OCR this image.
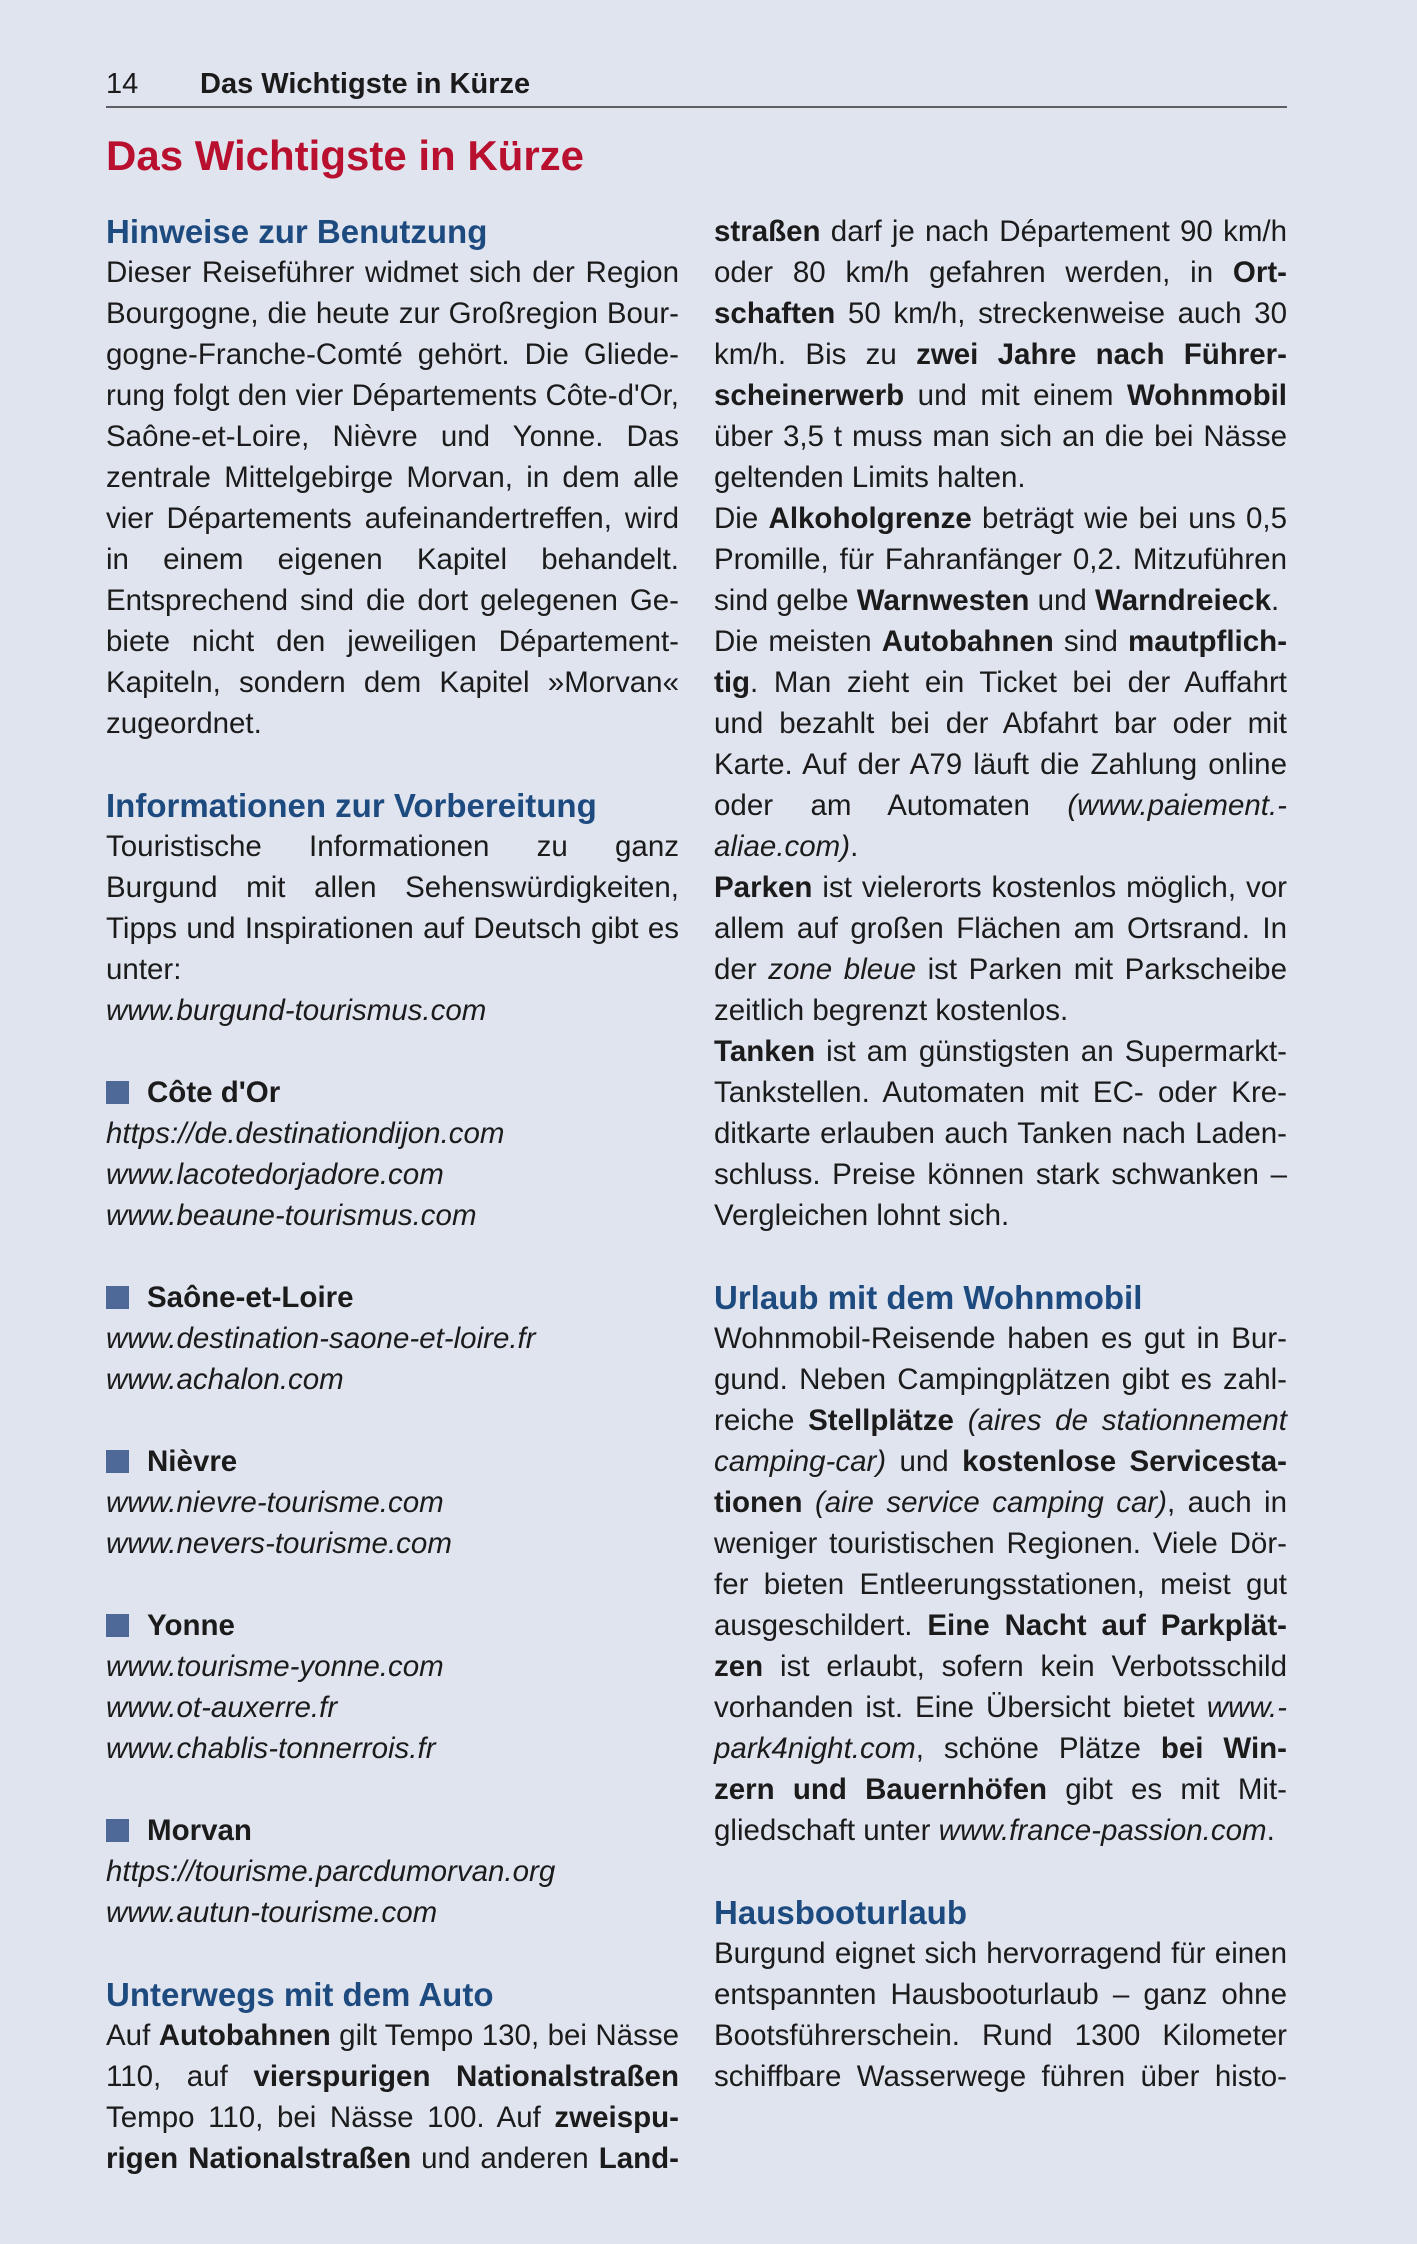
14 Das Wichtigste in Kürze
Das Wichtigste in Kürze
Hinweise zur Benutzung

Dieser Reiseführer widmet sich der Region Bourgogne, die heute zur Großregion Bourgogne-Franche-Comté gehört. Die Gliederung folgt den vier Départements Côte-d'Or, Saône-et-Loire, Nièvre und Yonne. Das zentrale Mittelgebirge Morvan, in dem alle vier Départements aufeinandertreffen, wird in einem eigenen Kapitel behandelt. Entsprechend sind die dort gelegenen Gebiete nicht den jeweiligen Département-Kapiteln, sondern dem Kapitel »Morvan« zugeordnet.

Informationen zur Vorbereitung

Touristische Informationen zu ganz Burgund mit allen Sehenswürdigkeiten, Tipps und Inspirationen auf Deutsch gibt es unter:

www.burgund-tourismus.com
Côte d'Or
https://de.destinationdijon.com
www.lacotedorjadore.com
www.beaune-tourismus.com
Saône-et-Loire
www.destination-saone-et-loire.fr
www.achalon.com
Nièvre
www.nievre-tourisme.com
www.nevers-tourisme.com
Yonne
www.tourisme-yonne.com
www.ot-auxerre.fr
www.chablis-tonnerrois.fr
Morvan
https://tourisme.parcdumorvan.org
www.autun-tourisme.com
Unterwegs mit dem Auto

Auf Autobahnen gilt Tempo 130, bei Nässe 110, auf vierspurigen Nationalstraßen Tempo 110, bei Nässe 100. Auf zweispurigen Nationalstraßen und anderen Land-

straßen darf je nach Département 90 km/h oder 80 km/h gefahren werden, in Ortschaften 50 km/h, streckenweise auch 30 km/h. Bis zu zwei Jahre nach Führerscheinerwerb und mit einem Wohnmobil über 3,5 t muss man sich an die bei Nässe geltenden Limits halten.

Die Alkoholgrenze beträgt wie bei uns 0,5 Promille, für Fahranfänger 0,2. Mitzuführen sind gelbe Warnwesten und Warndreieck.

Die meisten Autobahnen sind mautpflichtig. Man zieht ein Ticket bei der Auffahrt und bezahlt bei der Abfahrt bar oder mit Karte. Auf der A79 läuft die Zahlung online oder am Automaten (www.paiement.aliae.com).

Parken ist vielerorts kostenlos möglich, vor allem auf großen Flächen am Ortsrand. In der zone bleue ist Parken mit Parkscheibe zeitlich begrenzt kostenlos.

Tanken ist am günstigsten an Supermarkt-Tankstellen. Automaten mit EC- oder Kreditkarte erlauben auch Tanken nach Ladenschluss. Preise können stark schwanken – Vergleichen lohnt sich.

Urlaub mit dem Wohnmobil

Wohnmobil-Reisende haben es gut in Burgund. Neben Campingplätzen gibt es zahlreiche Stellplätze (aires de stationnement camping-car) und kostenlose Servicestationen (aire service camping car), auch in weniger touristischen Regionen. Viele Dörfer bieten Entleerungsstationen, meist gut ausgeschildert. Eine Nacht auf Parkplätzen ist erlaubt, sofern kein Verbotsschild vorhanden ist. Eine Übersicht bietet www.park4night.com, schöne Plätze bei Winzern und Bauernhöfen gibt es mit Mitgliedschaft unter www.france-passion.com.

Hausbooturlaub

Burgund eignet sich hervorragend für einen entspannten Hausbooturlaub – ganz ohne Bootsführerschein. Rund 1300 Kilometer schiffbare Wasserwege führen über histo-
